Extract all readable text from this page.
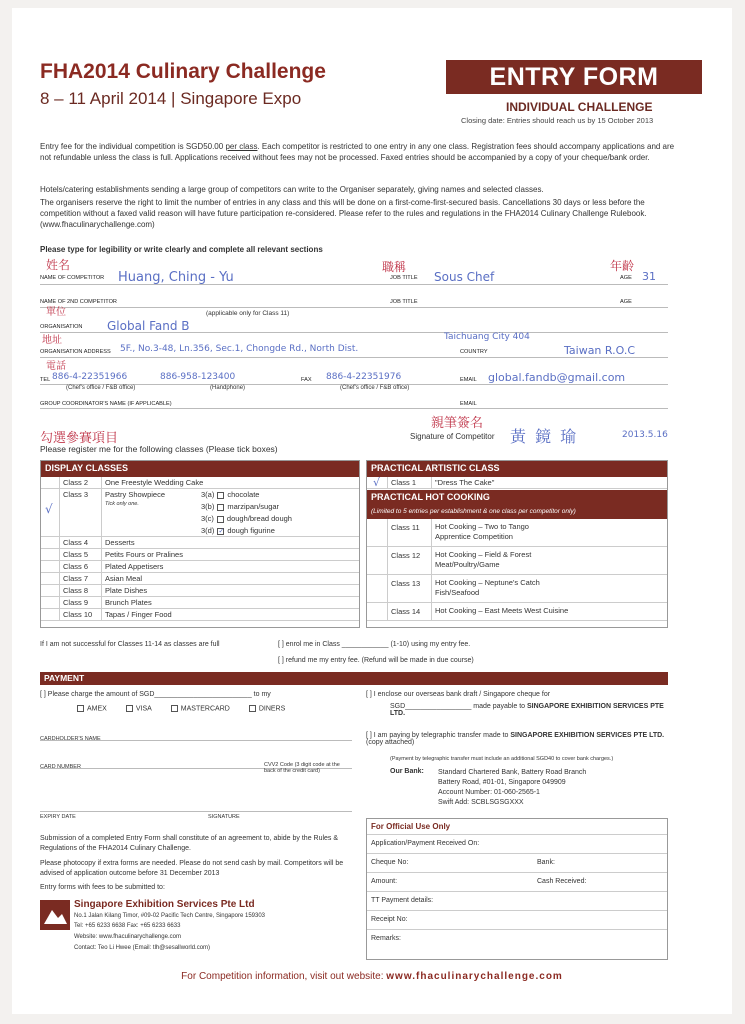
FHA2014 Culinary Challenge
8 – 11 April 2014 | Singapore Expo
ENTRY FORM
INDIVIDUAL CHALLENGE
Closing date: Entries should reach us by 15 October 2013
Entry fee for the individual competition is SGD50.00 per class. Each competitor is restricted to one entry in any one class. Registration fees should accompany applications and are not refundable unless the class is full. Applications received without fees may not be processed. Faxed entries should be accompanied by a copy of your cheque/bank order.
Hotels/catering establishments sending a large group of competitors can write to the Organiser separately, giving names and selected classes.
The organisers reserve the right to limit the number of entries in any class and this will be done on a first-come-first-secured basis. Cancellations 30 days or less before the competition without a faxed valid reason will have future participation re-considered. Please refer to the rules and regulations in the FHA2014 Culinary Challenge Rulebook. (www.fhaculinarychallenge.com)
Please type for legibility or write clearly and complete all relevant sections
姓名
NAME OF COMPETITOR Huang, Ching - Yu
職稱
JOB TITLE Sous Chef
年齡
AGE 31
NAME OF 2ND COMPETITOR	JOB TITLE	AGE
(applicable only for Class 11)
單位
ORGANISATION Global Fand B
地址
ORGANISATION ADDRESS 5F., No.3-48, Ln.356, Sec.1, Chongde Rd., North Dist.
Taichuang City 404
COUNTRY	Taiwan R.O.C
電話
TEL 886-4-22351966	886-958-123400	FAX 886-4-22351976	EMAIL global.fandb@gmail.com
(Chef's office / F&B office)	(Handphone)	(Chef's office / F&B office)
GROUP COORDINATOR'S NAME (IF APPLICABLE)	EMAIL
勾選參賽項目
親筆簽名
黃 鏡 瑜	2013.5.16
Signature of Competitor
Please register me for the following classes (Please tick boxes)
DISPLAY CLASSES
Class 2 One Freestyle Wedding Cake
Class 3 Pastry Showpiece
√	Tick only one.
3(a) chocolate
3(b) marzipan/sugar
3(c) dough/bread dough
3(d) ✓ dough figurine
Class 4 Desserts
Class 5 Petits Fours or Pralines
Class 6 Plated Appetisers
Class 7 Asian Meal
Class 8 Plate Dishes
Class 9 Brunch Plates
Class 10 Tapas / Finger Food
PRACTICAL ARTISTIC CLASS
√ Class 1	"Dress The Cake"
PRACTICAL HOT COOKING
(Limited to 5 entries per establishment & one class per competitor only)
Class 11 Hot Cooking – Two to Tango
Apprentice Competition
Class 12 Hot Cooking – Field & Forest
Meat/Poultry/Game
Class 13 Hot Cooking – Neptune's Catch
Fish/Seafood
Class 14 Hot Cooking – East Meets West Cuisine
If I am not successful for Classes 11-14 as classes are full	[ ] enrol me in Class ____________ (1-10) using my entry fee.
[ ] refund me my entry fee. (Refund will be made in due course)
PAYMENT
[ ] Please charge the amount of SGD_________________________ to my
AMEX	VISA	MASTERCARD	DINERS
CARDHOLDER'S NAME
CARD NUMBER	CVV2 Code (3 digit code at the back of the credit card)
EXPIRY DATE	SIGNATURE
[ ] I enclose our overseas bank draft / Singapore cheque for
SGD_________________ made payable to SINGAPORE EXHIBITION SERVICES PTE LTD.
[ ] I am paying by telegraphic transfer made to SINGAPORE EXHIBITION SERVICES PTE LTD. (copy attached)
(Payment by telegraphic transfer must include an additional SGD40 to cover bank charges.)
Our Bank: Standard Chartered Bank, Battery Road Branch
Battery Road, #01-01, Singapore 049909
Account Number: 01-060-2565-1
Swift Add: SCBLSGSGXXX
Submission of a completed Entry Form shall constitute of an agreement to, abide by the Rules & Regulations of the FHA2014 Culinary Challenge.
Please photocopy if extra forms are needed. Please do not send cash by mail. Competitors will be advised of application outcome before 31 December 2013
Entry forms with fees to be submitted to:
Singapore Exhibition Services Pte Ltd
No.1 Jalan Kilang Timor, #09-02 Pacific Tech Centre, Singapore 159303
Tel: +65 6233 6638 Fax: +65 6233 6633
Website: www.fhaculinarychallenge.com
Contact: Teo Li Hwee (Email: tlh@sesallworld.com)
For Official Use Only
Application/Payment Received On:
Cheque No:	Bank:
Amount:	Cash Received:
TT Payment details:
Receipt No:
Remarks:
For Competition information, visit out website: www.fhaculinarychallenge.com
